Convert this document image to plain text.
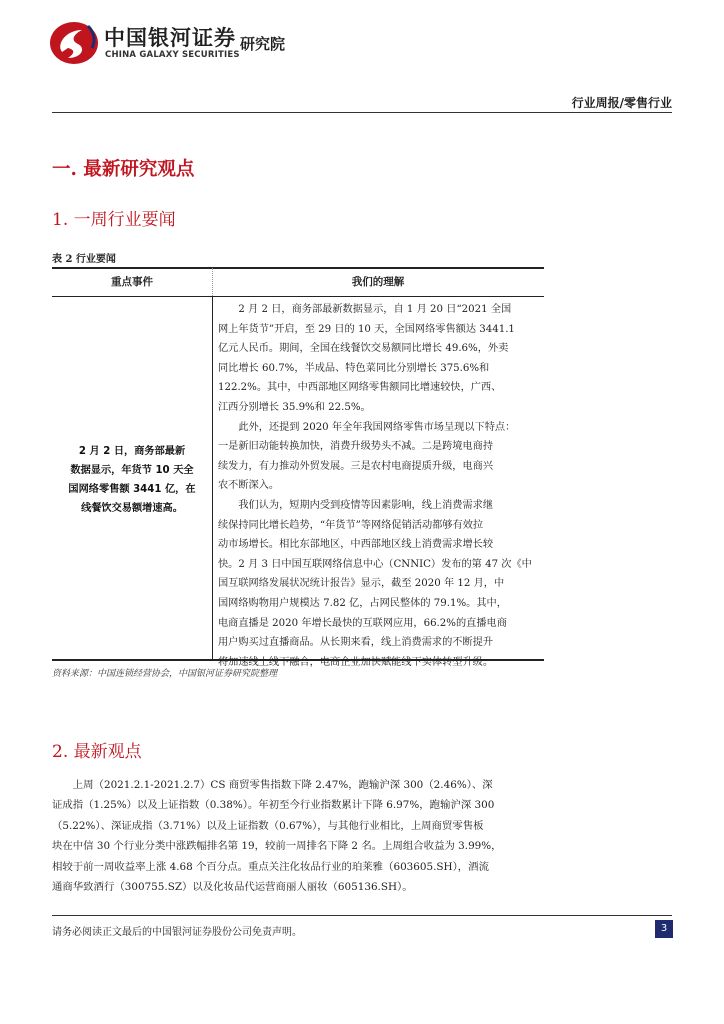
中国银河证券 研究院
CHINA GALAXY SECURITIES
行业周报/零售行业
一. 最新研究观点
1. 一周行业要闻
表 2 行业要闻
重点事件	我们的理解
2 月 2 日，商务部最新
数据显示，年货节 10 天全
国网络零售额 3441 亿，在
线餐饮交易额增速高。
　　2 月 2 日，商务部最新数据显示，自 1 月 20 日“2021 全国
网上年货节”开启，至 29 日的 10 天，全国网络零售额达 3441.1
亿元人民币。期间，全国在线餐饮交易额同比增长 49.6%，外卖
同比增长 60.7%，半成品、特色菜同比分别增长 375.6%和
122.2%。其中，中西部地区网络零售额同比增速较快，广西、
江西分别增长 35.9%和 22.5%。
　　此外，还提到 2020 年全年我国网络零售市场呈现以下特点：
一是新旧动能转换加快，消费升级势头不减。二是跨境电商持
续发力，有力推动外贸发展。三是农村电商提质升级，电商兴
农不断深入。
　　我们认为，短期内受到疫情等因素影响，线上消费需求继
续保持同比增长趋势，“年货节”等网络促销活动都够有效拉
动市场增长。相比东部地区，中西部地区线上消费需求增长较
快。2 月 3 日中国互联网络信息中心（CNNIC）发布的第 47 次《中
国互联网络发展状况统计报告》显示，截至 2020 年 12 月，中
国网络购物用户规模达 7.82 亿，占网民整体的 79.1%。其中，
电商直播是 2020 年增长最快的互联网应用，66.2%的直播电商
用户购买过直播商品。从长期来看，线上消费需求的不断提升
将加速线上线下融合，电商企业加快赋能线下实体转型升级。
资料来源：中国连锁经营协会，中国银河证券研究院整理
2. 最新观点
　　上周（2021.2.1-2021.2.7）CS 商贸零售指数下降 2.47%，跑输沪深 300（2.46%）、深
证成指（1.25%）以及上证指数（0.38%）。年初至今行业指数累计下降 6.97%，跑输沪深 300
（5.22%）、深证成指（3.71%）以及上证指数（0.67%），与其他行业相比，上周商贸零售板
块在中信 30 个行业分类中涨跌幅排名第 19，较前一周排名下降 2 名。上周组合收益为 3.99%，
相较于前一周收益率上涨 4.68 个百分点。重点关注化妆品行业的珀莱雅（603605.SH），酒流
通商华致酒行（300755.SZ）以及化妆品代运营商丽人丽妆（605136.SH）。
请务必阅读正文最后的中国银河证券股份公司免责声明。	3
